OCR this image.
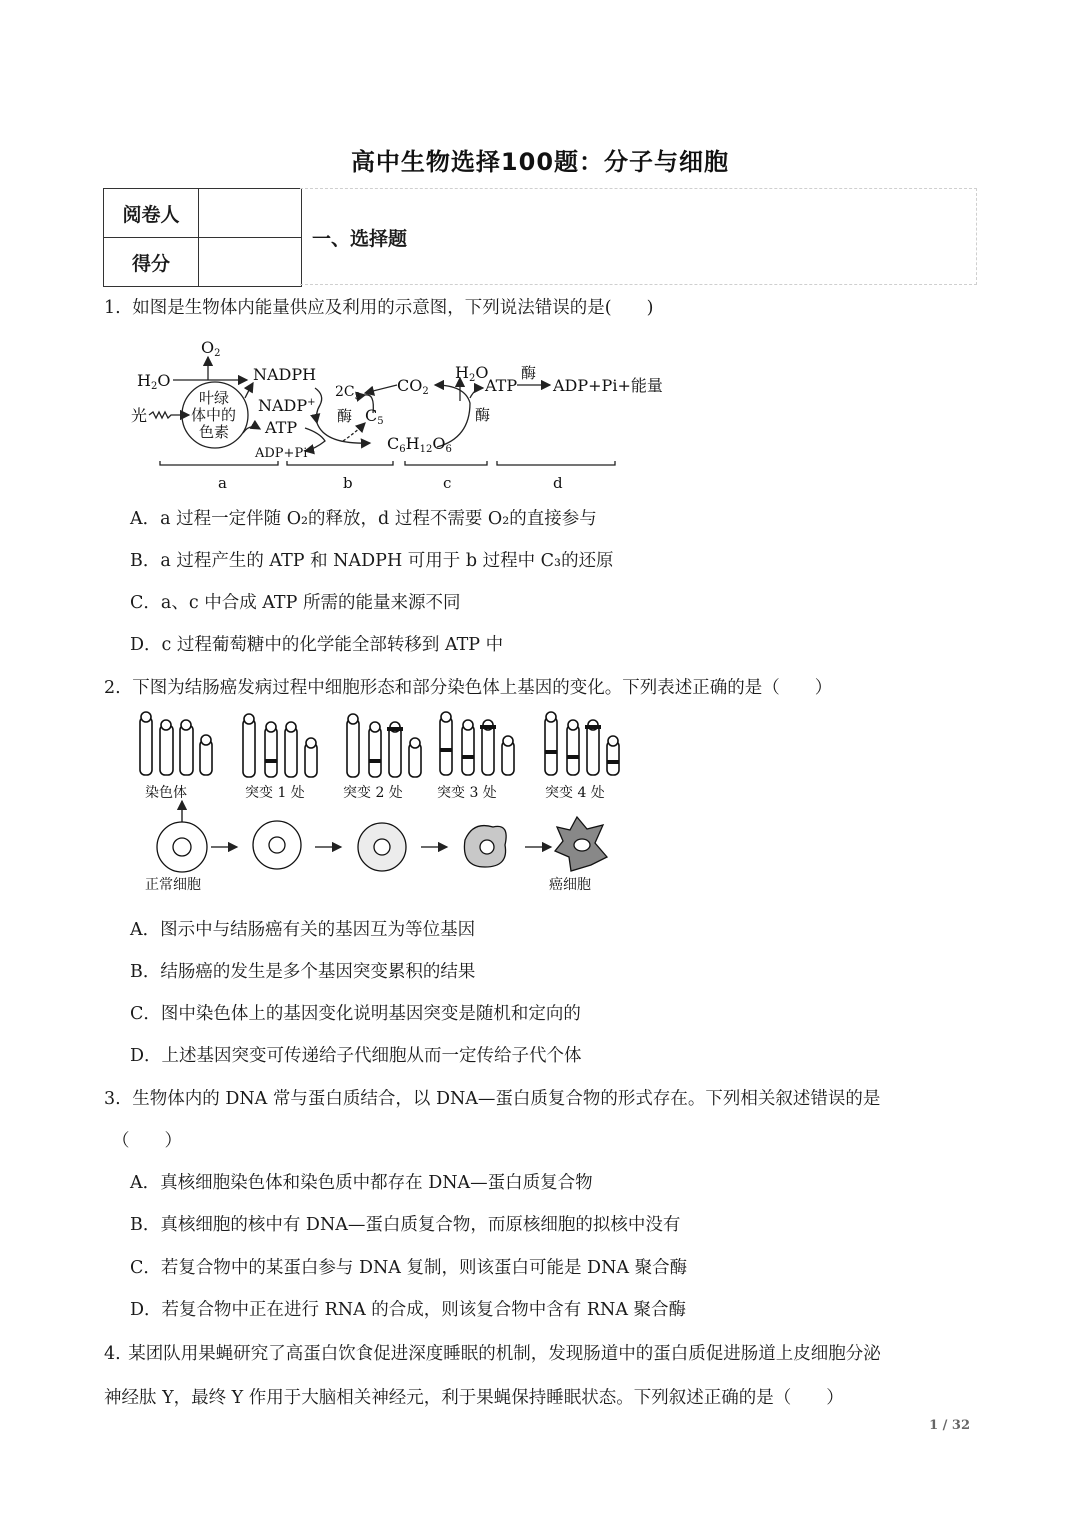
高中生物选择100题：分子与细胞
阅卷人	
得分	
一、选择题
1. 如图是生物体内能量供应及利用的示意图，下列说法错误的是(　　)
O2
H2O	NADPH
光
叶绿
体中的
色素
NADP+
ATP
ADP+Pi
$2C_3$
酶 C5
CO2
C6H12O6
H2O
酶
ATP
酶
ADP+Pi+能量
a	b	c	d
A．a 过程一定伴随 O₂的释放，d 过程不需要 O₂的直接参与
B．a 过程产生的 ATP 和 NADPH 可用于 b 过程中 C₃的还原
C．a、c 中合成 ATP 所需的能量来源不同
D．c 过程葡萄糖中的化学能全部转移到 ATP 中
2. 下图为结肠癌发病过程中细胞形态和部分染色体上基因的变化。下列表述正确的是（　　）
染色体	突变 1 处	突变 2 处 突变 3 处	突变 4 处
正常细胞	癌细胞
A．图示中与结肠癌有关的基因互为等位基因
B．结肠癌的发生是多个基因突变累积的结果
C．图中染色体上的基因变化说明基因突变是随机和定向的
D．上述基因突变可传递给子代细胞从而一定传给子代个体
3. 生物体内的 DNA 常与蛋白质结合，以 DNA—蛋白质复合物的形式存在。下列相关叙述错误的是
（　　）
A．真核细胞染色体和染色质中都存在 DNA—蛋白质复合物
B．真核细胞的核中有 DNA—蛋白质复合物，而原核细胞的拟核中没有
C．若复合物中的某蛋白参与 DNA 复制，则该蛋白可能是 DNA 聚合酶
D．若复合物中正在进行 RNA 的合成，则该复合物中含有 RNA 聚合酶
4. 某团队用果蝇研究了高蛋白饮食促进深度睡眠的机制，发现肠道中的蛋白质促进肠道上皮细胞分泌
神经肽 Y，最终 Y 作用于大脑相关神经元，利于果蝇保持睡眠状态。下列叙述正确的是（　　）
1 / 32
